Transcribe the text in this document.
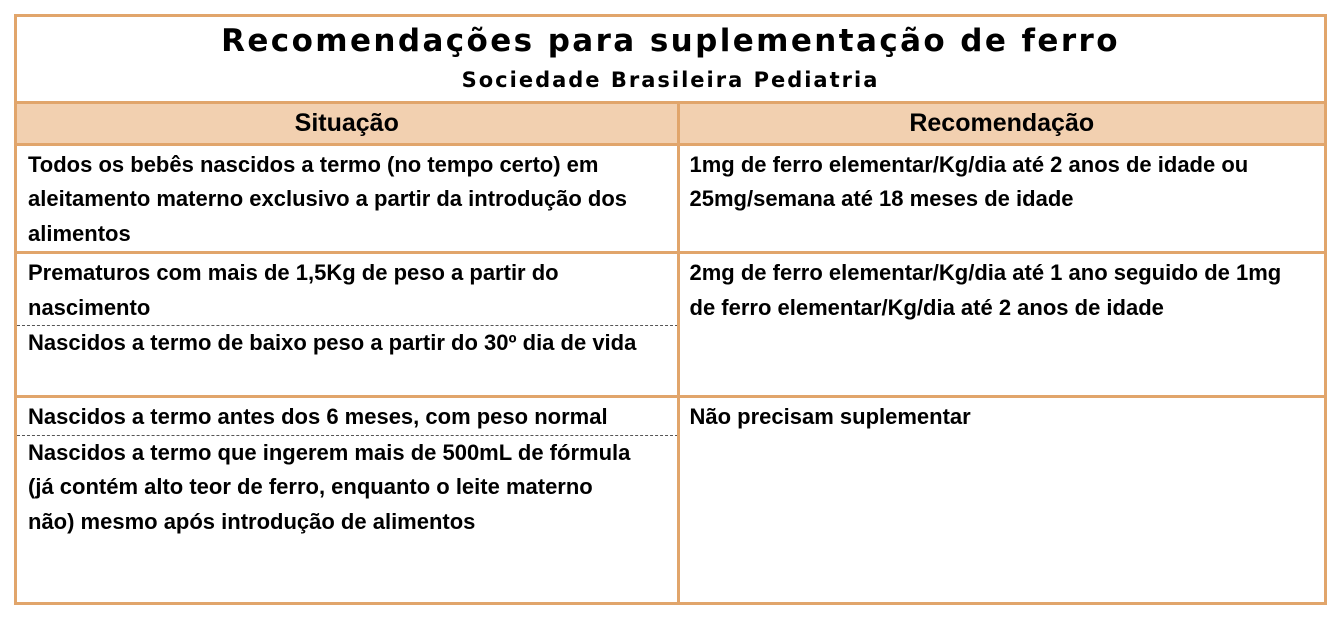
Recomendações para suplementação de ferro
Sociedade Brasileira Pediatria
Situação	Recomendação

Todos os bebês nascidos a termo (no tempo certo) em aleitamento materno exclusivo a partir da introdução dos alimentos	1mg de ferro elementar/Kg/dia até 2 anos de idade ou 25mg/semana até 18 meses de idade

Prematuros com mais de 1,5Kg de peso a partir do nascimento
Nascidos a termo de baixo peso a partir do 30º dia de vida	2mg de ferro elementar/Kg/dia até 1 ano seguido de 1mg de ferro elementar/Kg/dia até 2 anos de idade

Nascidos a termo antes dos 6 meses, com peso normal
Nascidos a termo que ingerem mais de 500mL de fórmula (já contém alto teor de ferro, enquanto o leite materno não) mesmo após introdução de alimentos	Não precisam suplementar
